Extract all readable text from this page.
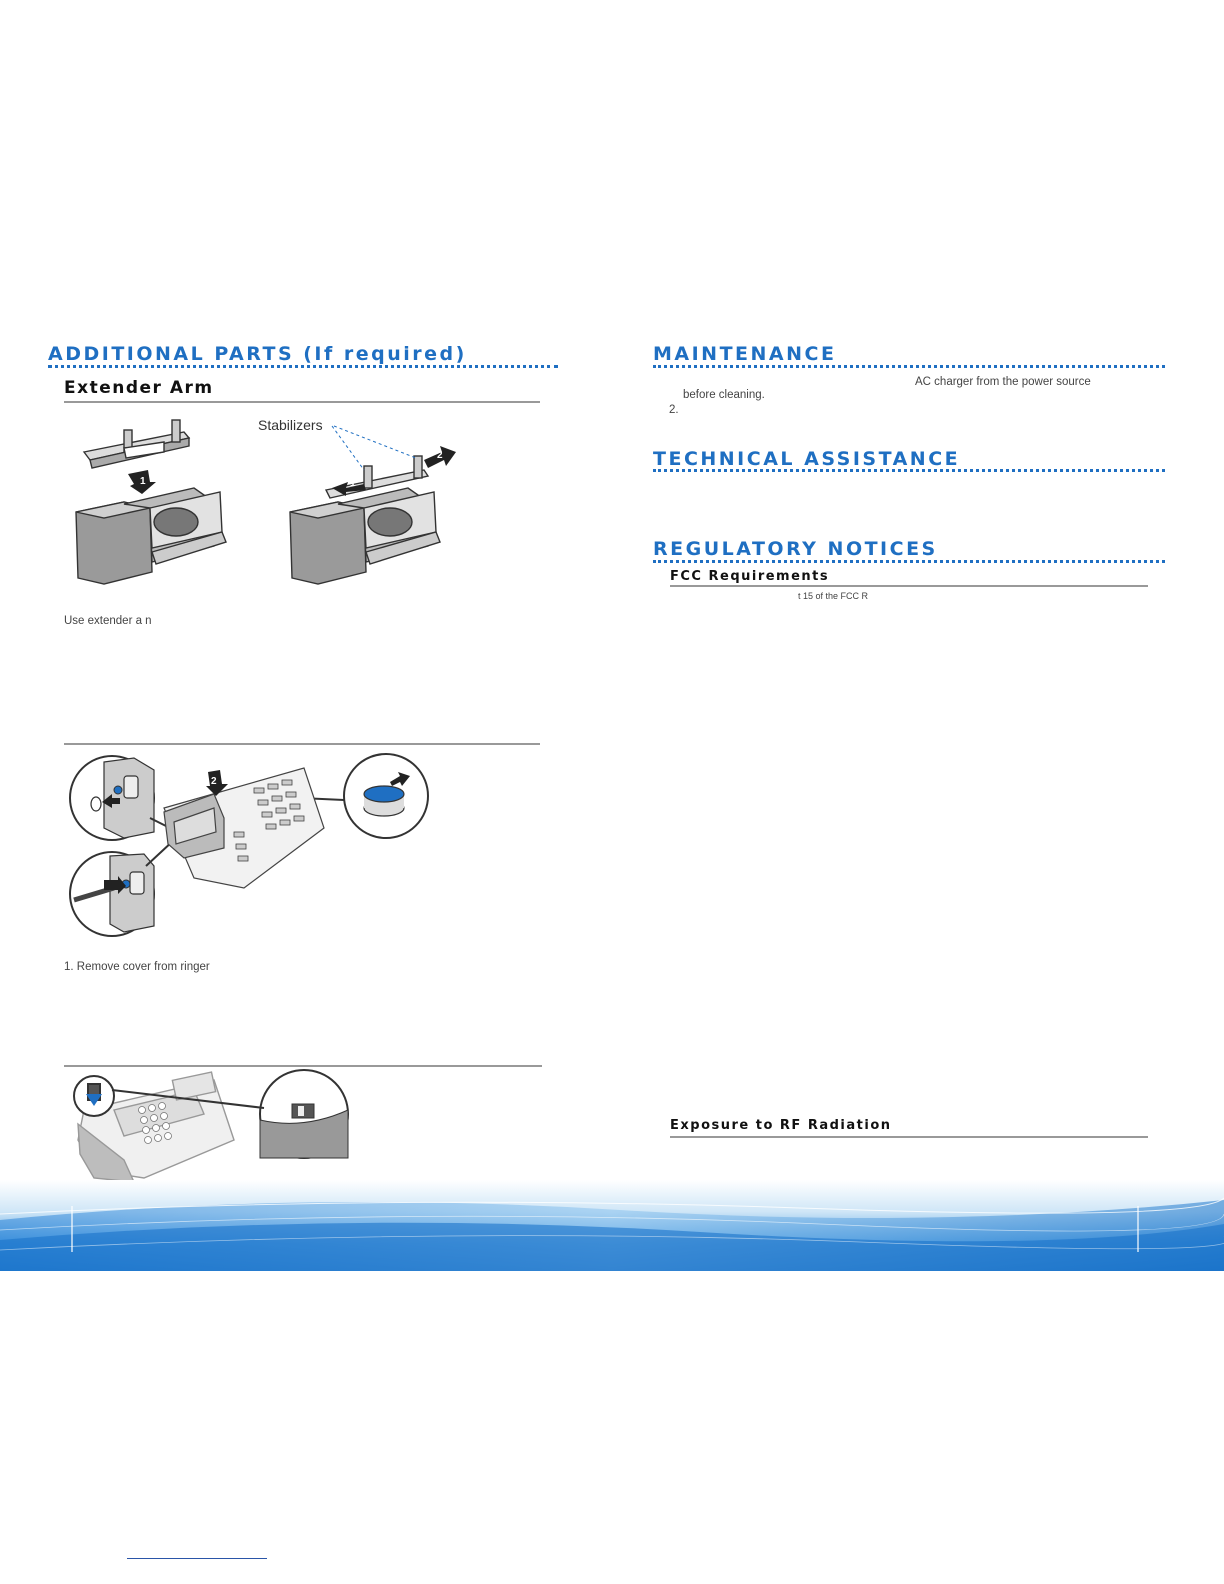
ADDITIONAL PARTS (If required)
Extender Arm
Stabilizers
1	1
2
Use extender a n
2
1. Remove cover from ringer
MAINTENANCE
AC charger from the power source
before cleaning.
2.
TECHNICAL ASSISTANCE
REGULATORY NOTICES
FCC Requirements
t 15 of the FCC R
Exposure to RF Radiation
